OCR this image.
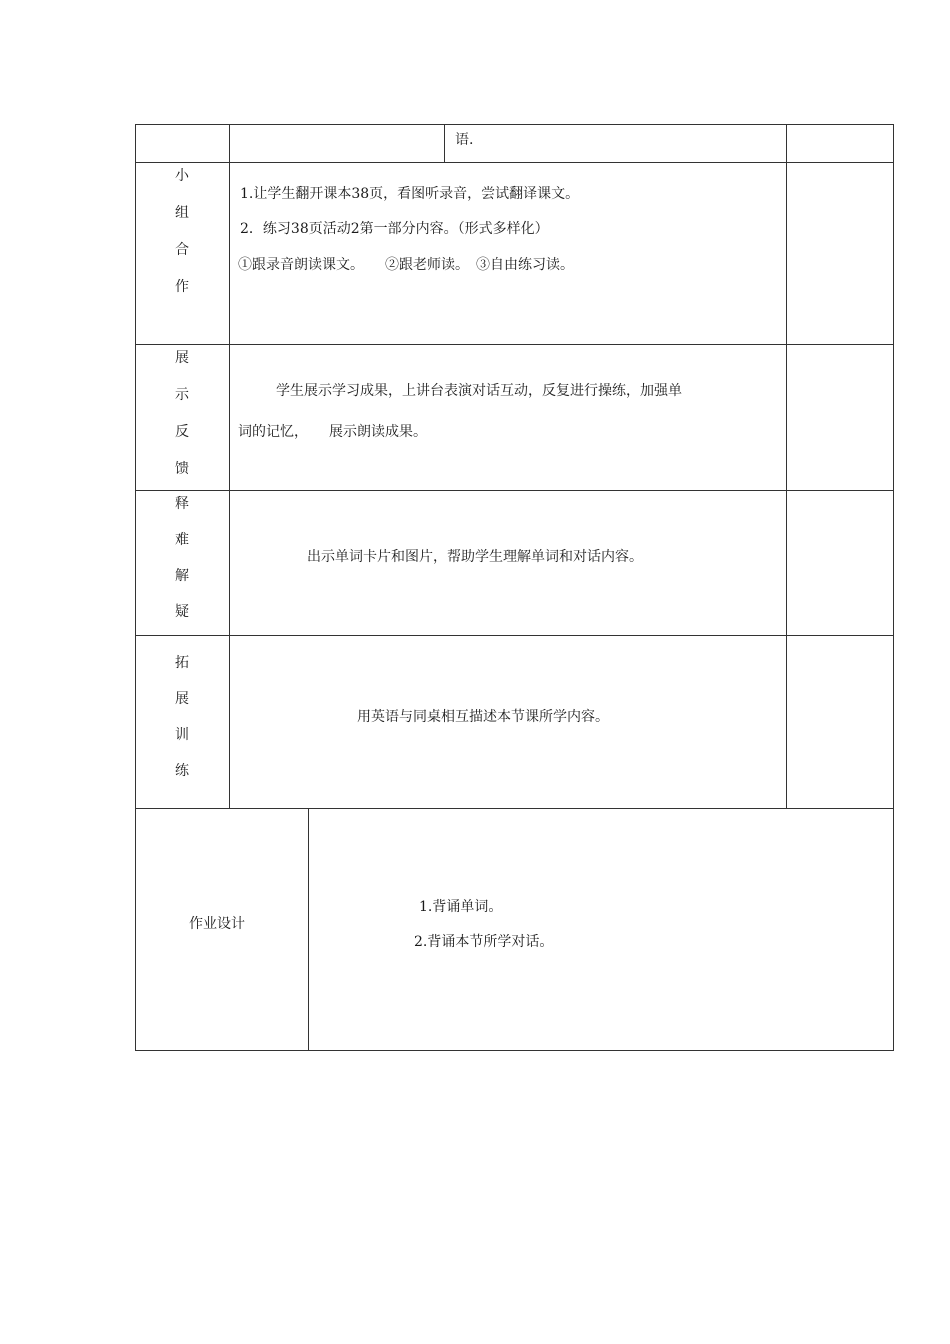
语.
小
组
合
作
1.让学生翻开课本38页，看图听录音，尝试翻译课文。
2．练习38页活动2第一部分内容。（形式多样化）
①跟录音朗读课文。　　②跟老师读。　③自由练习读。
展
示
反
馈
学生展示学习成果，上讲台表演对话互动，反复进行操练，加强单
词的记忆，　　展示朗读成果。
释
难
解
疑
出示单词卡片和图片，帮助学生理解单词和对话内容。
拓
展
训
练
用英语与同桌相互描述本节课所学内容。
作业设计
1.背诵单词。
2.背诵本节所学对话。
